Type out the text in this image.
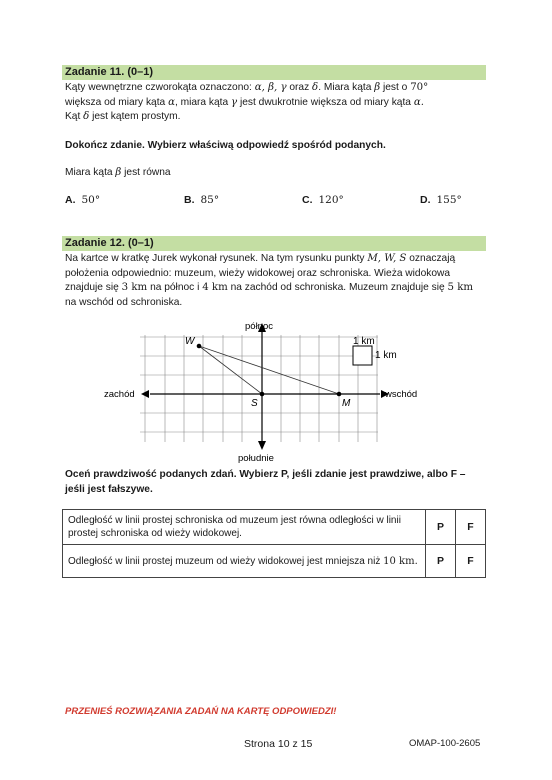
Zadanie 11. (0–1)
Kąty wewnętrzne czworokąta oznaczono: α, β, γ oraz δ. Miara kąta β jest o 70°
większa od miary kąta α, miara kąta γ jest dwukrotnie większa od miary kąta α.
Kąt δ jest kątem prostym.
Dokończ zdanie. Wybierz właściwą odpowiedź spośród podanych.
Miara kąta β jest równa
A. 50°	B. 85°	C. 120°	D. 155°
Zadanie 12. (0–1)
Na kartce w kratkę Jurek wykonał rysunek. Na tym rysunku punkty M, W, S oznaczają
położenia odpowiednio: muzeum, wieży widokowej oraz schroniska. Wieża widokowa
znajduje się 3 km na północ i 4 km na zachód od schroniska. Muzeum znajduje się 5 km
na wschód od schroniska.
północ
południe
zachód	wschód
W
S	M
1 km
1 km
Oceń prawdziwość podanych zdań. Wybierz P, jeśli zdanie jest prawdziwe, albo F –
jeśli jest fałszywe.
Odległość w linii prostej schroniska od muzeum jest równa odległości w linii prostej schroniska od wieży widokowej.	P	F
Odległość w linii prostej muzeum od wieży widokowej jest mniejsza niż 10 km.	P	F
PRZENIEŚ ROZWIĄZANIA ZADAŃ NA KARTĘ ODPOWIEDZI!
Strona 10 z 15	OMAP-100-2605
